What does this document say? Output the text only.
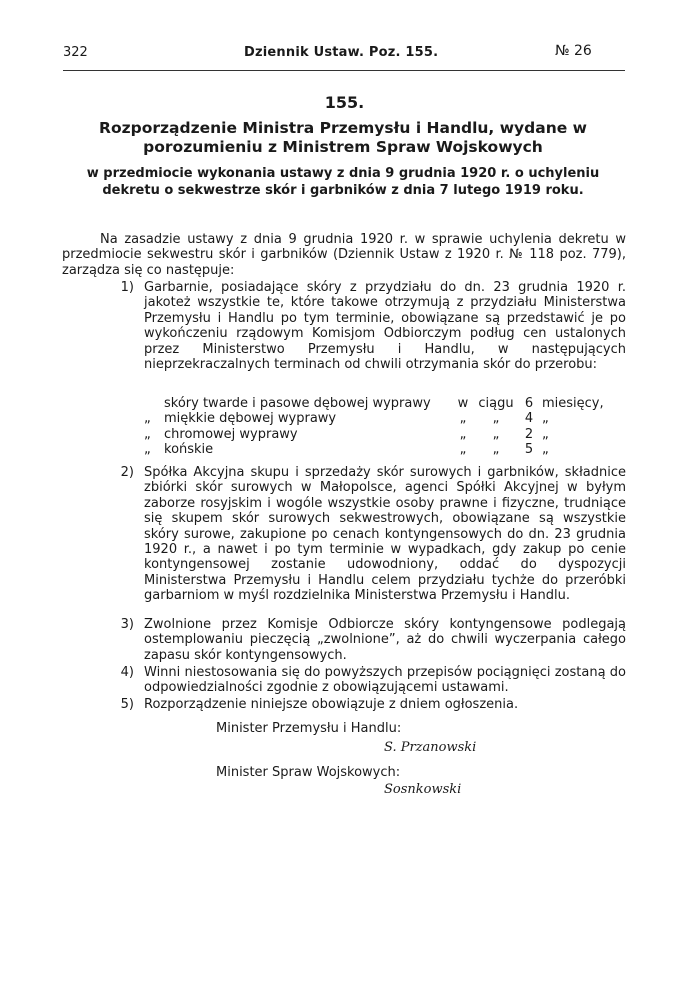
322	Dziennik Ustaw. Poz. 155.	№ 26
155.
Rozporządzenie Ministra Przemysłu i Handlu, wydane w porozumieniu z Ministrem Spraw Wojskowych
w przedmiocie wykonania ustawy z dnia 9 grudnia 1920 r. o uchyleniu dekretu o sekwestrze skór i garbników z dnia 7 lutego 1919 roku.
Na zasadzie ustawy z dnia 9 grudnia 1920 r. w sprawie uchylenia dekretu w przedmiocie sekwestru skór i garbników (Dziennik Ustaw z 1920 r. № 118 poz. 779), zarządza się co następuje:
1) Garbarnie, posiadające skóry z przydziału do dn. 23 grudnia 1920 r. jakoteż wszystkie te, które takowe otrzymują z przydziału Ministerstwa Przemysłu i Handlu po tym terminie, obowiązane są przedstawić je po wykończeniu rządowym Komisjom Odbiorczym podług cen ustalonych przez Ministerstwo Przemysłu i Handlu, w następujących nieprzekraczalnych terminach od chwili otrzymania skór do przerobu:
skóry twarde i pasowe dębowej wyprawy	w ciągu 6 miesięcy,
„	miękkie dębowej wyprawy	„	„	4 „
„	chromowej wyprawy	„	„	2 „
„	końskie	„	„	5 „
2) Spółka Akcyjna skupu i sprzedaży skór surowych i garbników, składnice zbiórki skór surowych w Małopolsce, agenci Spółki Akcyjnej w byłym zaborze rosyjskim i wogóle wszystkie osoby prawne i fizyczne, trudniące się skupem skór surowych sekwestrowych, obowiązane są wszystkie skóry surowe, zakupione po cenach kontyngensowych do dn. 23 grudnia 1920 r., a nawet i po tym terminie w wypadkach, gdy zakup po cenie kontyngensowej zostanie udowodniony, oddać do dyspozycji Ministerstwa Przemysłu i Handlu celem przydziału tychże do przeróbki garbarniom w myśl rozdzielnika Ministerstwa Przemysłu i Handlu.
3) Zwolnione przez Komisje Odbiorcze skóry kontyngensowe podlegają ostemplowaniu pieczęcią „zwolnione”, aż do chwili wyczerpania całego zapasu skór kontyngensowych.
4) Winni niestosowania się do powyższych przepisów pociągnięci zostaną do odpowiedzialności zgodnie z obowiązującemi ustawami.
5) Rozporządzenie niniejsze obowiązuje z dniem ogłoszenia.
Minister Przemysłu i Handlu:
S. Przanowski
Minister Spraw Wojskowych:
Sosnkowski
